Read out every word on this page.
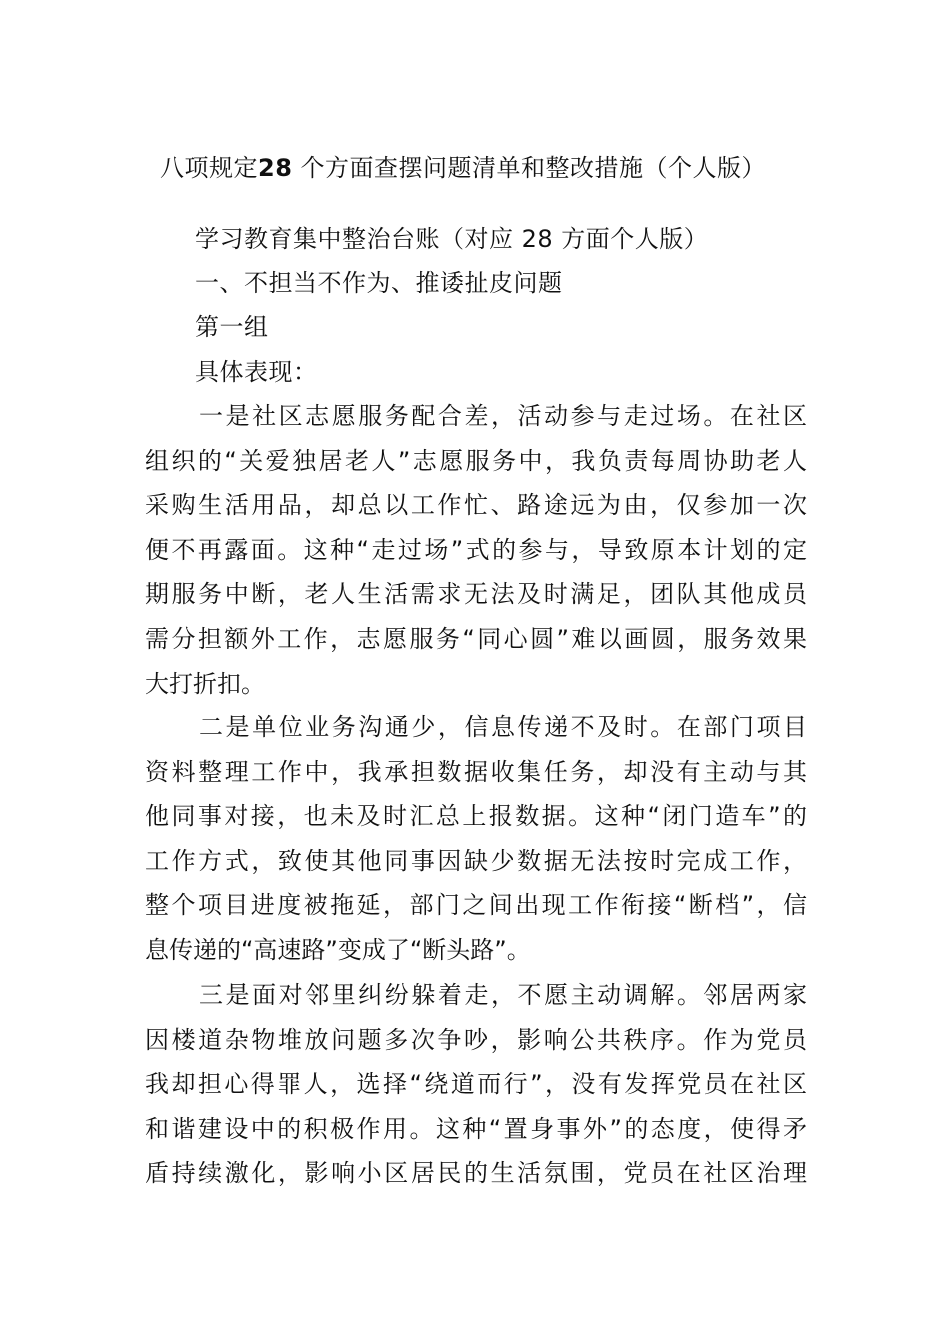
八项规定28 个方面查摆问题清单和整改措施（个人版）
学习教育集中整治台账（对应 28 方面个人版）
一、不担当不作为、推诿扯皮问题
第一组
具体表现：
一是社区志愿服务配合差，活动参与走过场。在社区
组织的“关爱独居老人”志愿服务中，我负责每周协助老人
采购生活用品，却总以工作忙、路途远为由，仅参加一次
便不再露面。这种“走过场”式的参与，导致原本计划的定
期服务中断，老人生活需求无法及时满足，团队其他成员
需分担额外工作，志愿服务“同心圆”难以画圆，服务效果
大打折扣。
二是单位业务沟通少，信息传递不及时。在部门项目
资料整理工作中，我承担数据收集任务，却没有主动与其
他同事对接，也未及时汇总上报数据。这种“闭门造车”的
工作方式，致使其他同事因缺少数据无法按时完成工作，
整个项目进度被拖延，部门之间出现工作衔接“断档”，信
息传递的“高速路”变成了“断头路”。
三是面对邻里纠纷躲着走，不愿主动调解。邻居两家
因楼道杂物堆放问题多次争吵，影响公共秩序。作为党员
我却担心得罪人，选择“绕道而行”，没有发挥党员在社区
和谐建设中的积极作用。这种“置身事外”的态度，使得矛
盾持续激化，影响小区居民的生活氛围，党员在社区治理
